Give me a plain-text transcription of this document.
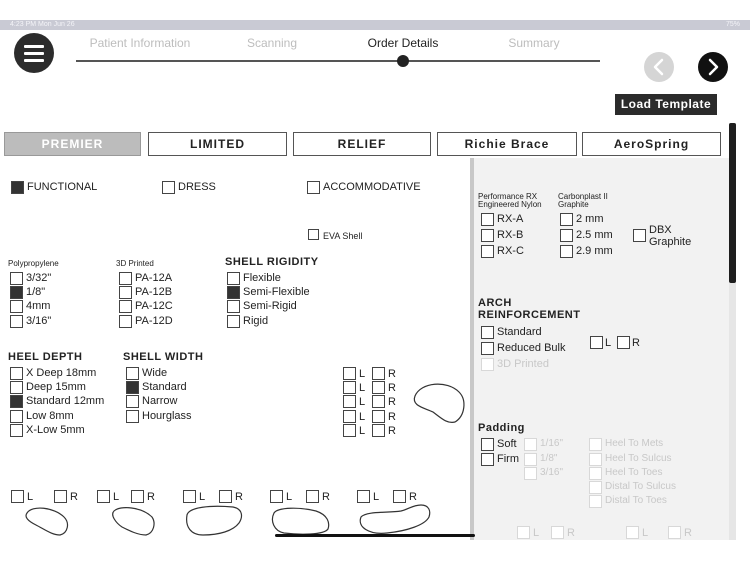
4:23 PM Mon Jun 26	75%
Patient Information	Scanning	Order Details	Summary
Load Template
PREMIER	LIMITED	RELIEF	Richie Brace	AeroSpring
FUNCTIONAL	DRESS	ACCOMMODATIVE
EVA Shell
Polypropylene
3/32"
1/8"
4mm
3/16"
3D Printed
PA-12A
PA-12B
PA-12C
PA-12D
SHELL RIGIDITY
Flexible
Semi-Flexible
Semi-Rigid
Rigid
HEEL DEPTH
X Deep 18mm
Deep 15mm
Standard 12mm
Low 8mm
X-Low 5mm
SHELL WIDTH
Wide
Standard
Narrow
Hourglass
L R
L R
L R
L R
L R
L	R	L	R	L	R	L	R	L	R
Performance RX
Engineered Nylon
RX-A
RX-B
RX-C
Carbonplast II
Graphite
2 mm
2.5 mm
2.9 mm
DBX
Graphite
ARCH
REINFORCEMENT
Standard
Reduced Bulk
3D Printed
L R
Padding
Soft
Firm
1/16"
1/8"
3/16"
Heel To Mets
Heel To Sulcus
Heel To Toes
Distal To Sulcus
Distal To Toes
L	R	L	R
